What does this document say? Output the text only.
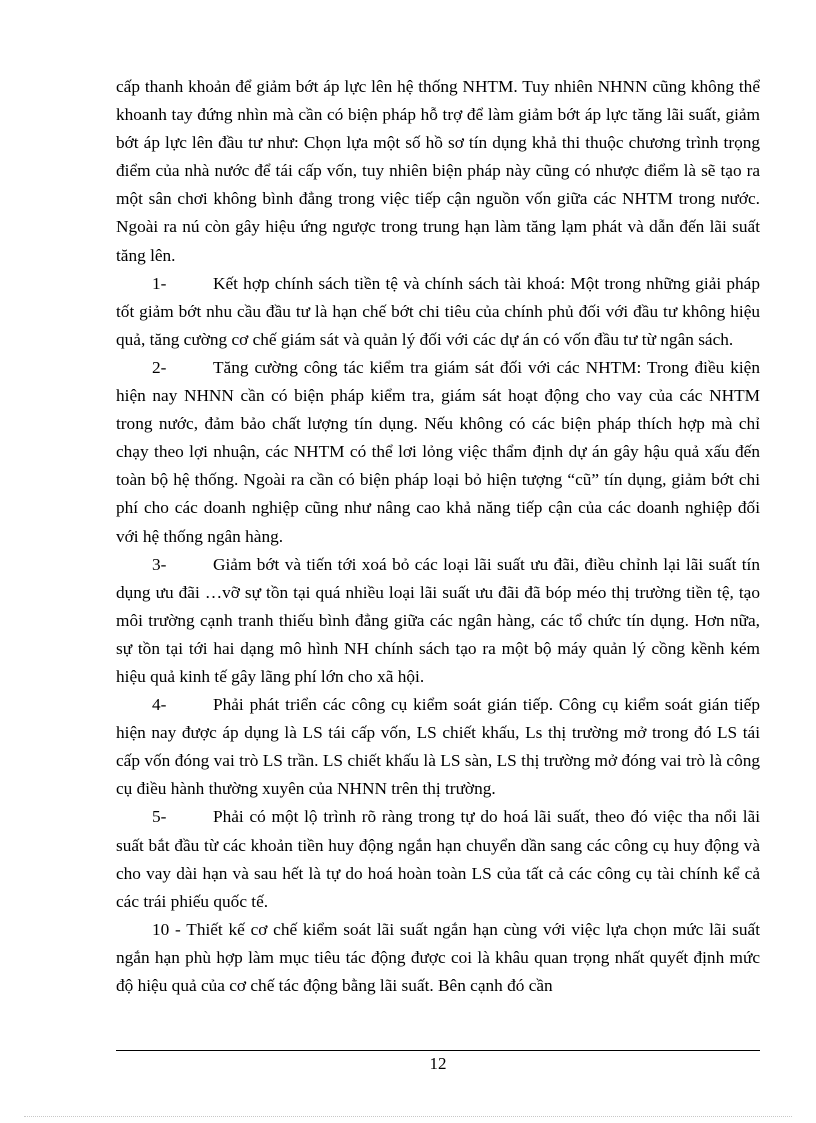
cấp thanh khoản để giảm bớt áp lực lên hệ thống NHTM. Tuy nhiên NHNN cũng không thể khoanh tay đứng nhìn mà cần có biện pháp hỗ trợ để làm giảm bớt áp lực tăng lãi suất, giảm bớt áp lực lên đầu tư như: Chọn lựa một số hồ sơ tín dụng khả thi thuộc chương trình trọng điểm của nhà nước để tái cấp vốn, tuy nhiên biện pháp này cũng có nhược điểm là sẽ tạo ra một sân chơi không bình đẳng trong việc tiếp cận nguồn vốn giữa các NHTM trong nước. Ngoài ra nú còn gây hiệu ứng ngược trong trung hạn làm tăng lạm phát và dẫn đến lãi suất tăng lên.

1-	Kết hợp chính sách tiền tệ và chính sách tài khoá: Một trong những giải pháp tốt giảm bớt nhu cầu đầu tư là hạn chế bớt chi tiêu của chính phủ đối với đầu tư không hiệu quả, tăng cường cơ chế giám sát và quản lý đối với các dự án có vốn đầu tư từ ngân sách.

2-	Tăng cường công tác kiểm tra giám sát đối với các NHTM: Trong điều kiện hiện nay NHNN cần có biện pháp kiểm tra, giám sát hoạt động cho vay của các NHTM trong nước, đảm bảo chất lượng tín dụng. Nếu không có các biện pháp thích hợp mà chỉ chạy theo lợi nhuận, các NHTM có thể lơi lỏng việc thẩm định dự án gây hậu quả xấu đến toàn bộ hệ thống. Ngoài ra cần có biện pháp loại bỏ hiện tượng “cũ” tín dụng, giảm bớt chi phí cho các doanh nghiệp cũng như nâng cao khả năng tiếp cận của các doanh nghiệp đối với hệ thống ngân hàng.

3-	Giảm bớt và tiến tới xoá bỏ các loại lãi suất ưu đãi, điều chỉnh lại lãi suất tín dụng ưu đãi …vỡ sự tồn tại quá nhiều loại lãi suất ưu đãi đã bóp méo thị trường tiền tệ, tạo môi trường cạnh tranh thiếu bình đẳng giữa các ngân hàng, các tổ chức tín dụng. Hơn nữa, sự tồn tại tới hai dạng mô hình NH chính sách tạo ra một bộ máy quản lý cồng kềnh kém hiệu quả kinh tế gây lãng phí lớn cho xã hội.

4-	Phải phát triển các công cụ kiểm soát gián tiếp. Công cụ kiểm soát gián tiếp hiện nay được áp dụng là LS tái cấp vốn, LS chiết khấu, Ls thị trường mở trong đó LS tái cấp vốn đóng vai trò LS trần. LS chiết khấu là LS sàn, LS thị trường mở đóng vai trò là công cụ điều hành thường xuyên của NHNN trên thị trường.

5-	Phải có một lộ trình rõ ràng trong tự do hoá lãi suất, theo đó việc tha nổi lãi suất bắt đầu từ các khoản tiền huy động ngắn hạn chuyển dần sang các công cụ huy động và cho vay dài hạn và sau hết là tự do hoá hoàn toàn LS của tất cả các công cụ tài chính kể cả các trái phiếu quốc tế.

10 - Thiết kế cơ chế kiểm soát lãi suất ngắn hạn cùng với việc lựa chọn mức lãi suất ngắn hạn phù hợp làm mục tiêu tác động được coi là khâu quan trọng nhất quyết định mức độ hiệu quả của cơ chế tác động bằng lãi suất. Bên cạnh đó cần

12
